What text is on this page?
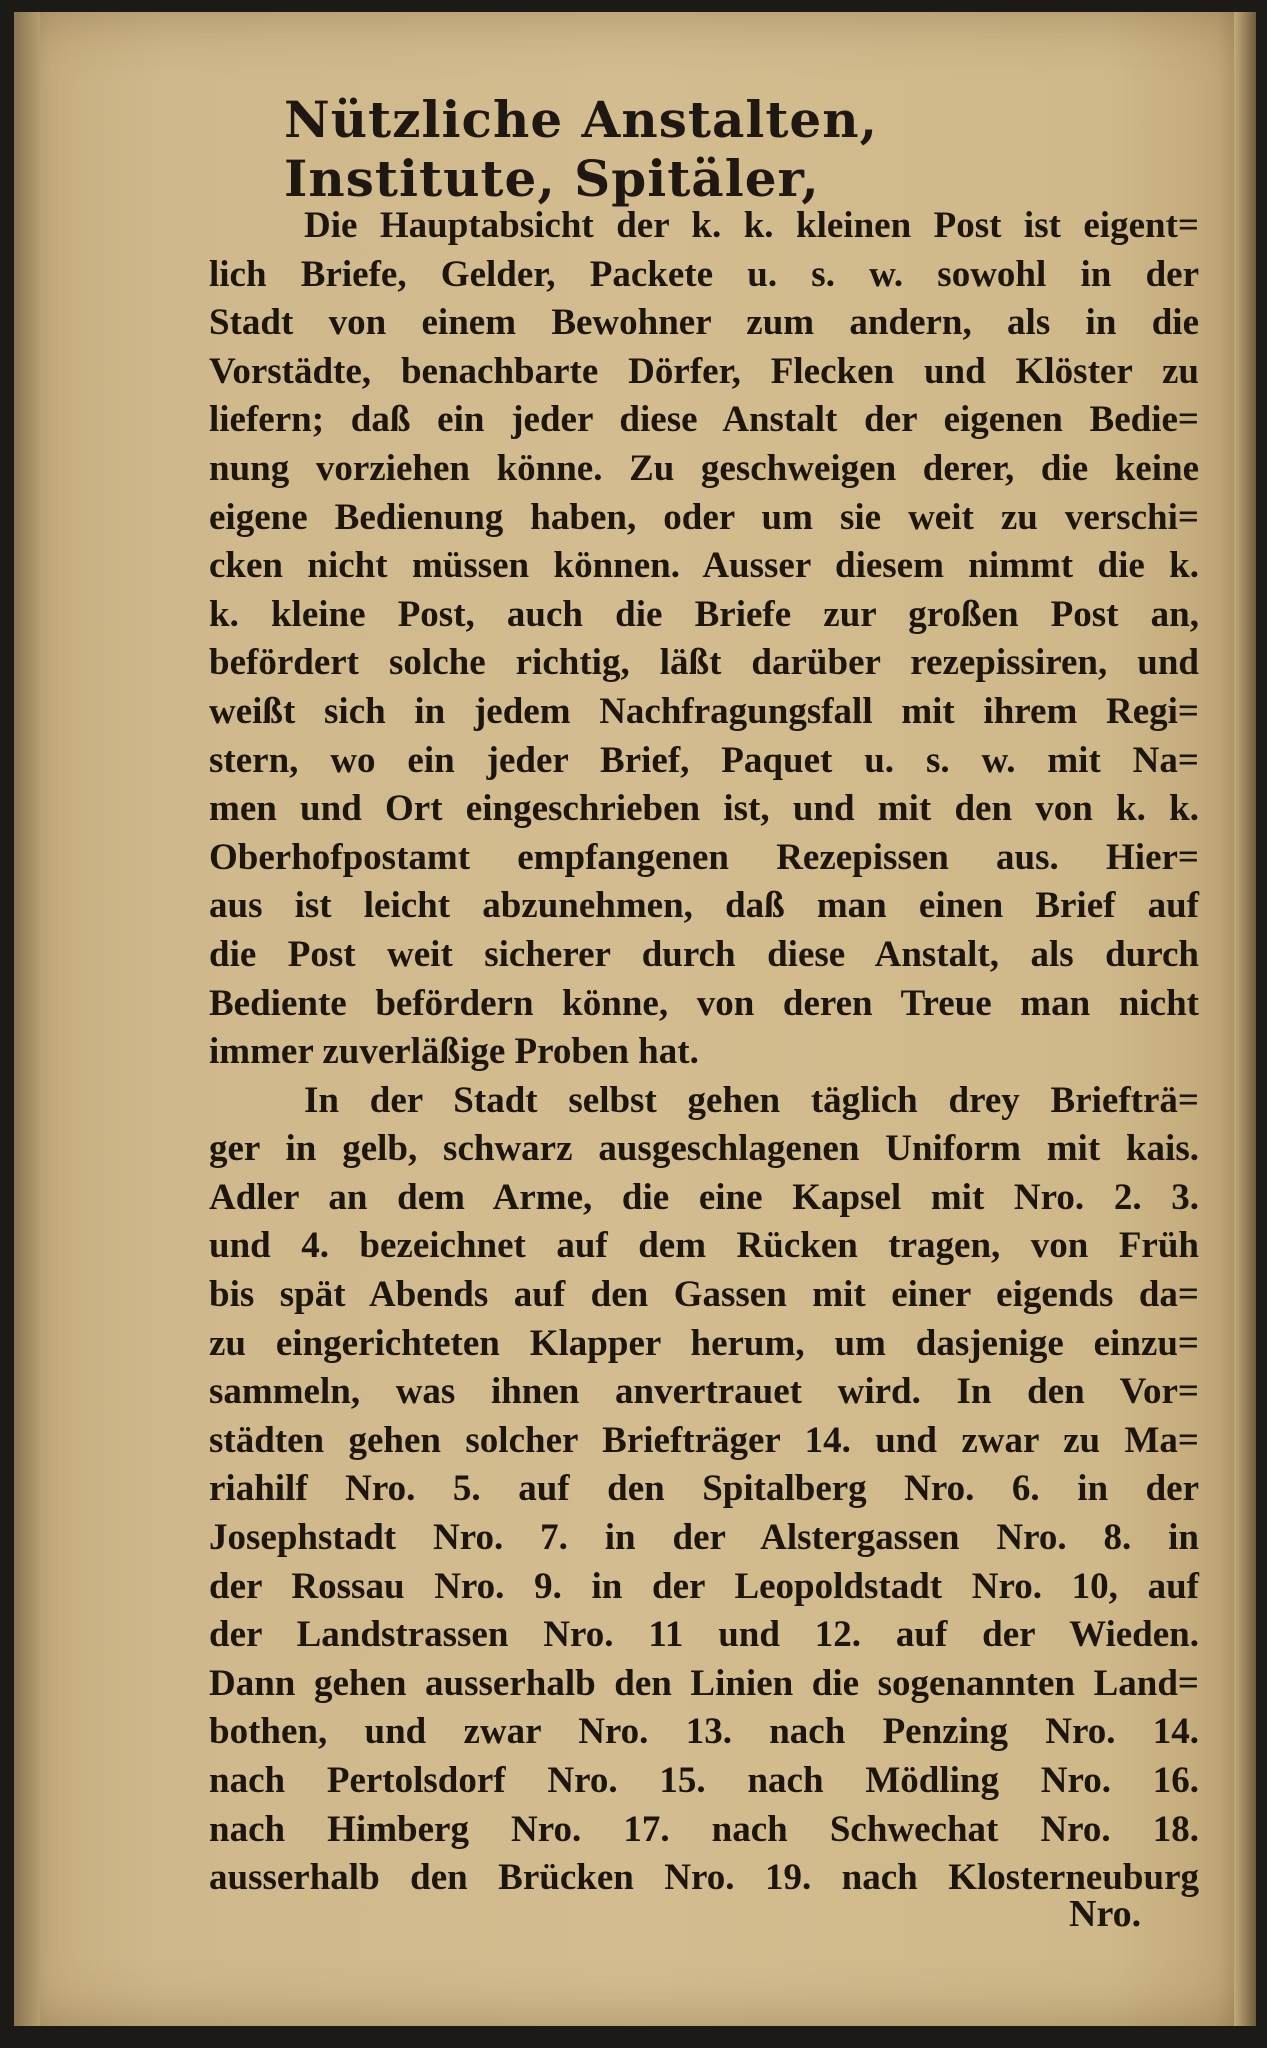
Nützliche Anstalten, Institute, Spitäler,
Die Hauptabsicht der k. k. kleinen Post ist eigent=
lich Briefe, Gelder, Packete u. s. w. sowohl in der
Stadt von einem Bewohner zum andern, als in die
Vorstädte, benachbarte Dörfer, Flecken und Klöster zu
liefern; daß ein jeder diese Anstalt der eigenen Bedie=
nung vorziehen könne. Zu geschweigen derer, die keine
eigene Bedienung haben, oder um sie weit zu verschi=
cken nicht müssen können. Ausser diesem nimmt die k.
k. kleine Post, auch die Briefe zur großen Post an,
befördert solche richtig, läßt darüber rezepissiren, und
weißt sich in jedem Nachfragungsfall mit ihrem Regi=
stern, wo ein jeder Brief, Paquet u. s. w. mit Na=
men und Ort eingeschrieben ist, und mit den von k. k.
Oberhofpostamt empfangenen Rezepissen aus. Hier=
aus ist leicht abzunehmen, daß man einen Brief auf
die Post weit sicherer durch diese Anstalt, als durch
Bediente befördern könne, von deren Treue man nicht
immer zuverläßige Proben hat.
In der Stadt selbst gehen täglich drey Briefträ=
ger in gelb, schwarz ausgeschlagenen Uniform mit kais.
Adler an dem Arme, die eine Kapsel mit Nro. 2. 3.
und 4. bezeichnet auf dem Rücken tragen, von Früh
bis spät Abends auf den Gassen mit einer eigends da=
zu eingerichteten Klapper herum, um dasjenige einzu=
sammeln, was ihnen anvertrauet wird. In den Vor=
städten gehen solcher Briefträger 14. und zwar zu Ma=
riahilf Nro. 5. auf den Spitalberg Nro. 6. in der
Josephstadt Nro. 7. in der Alstergassen Nro. 8. in
der Rossau Nro. 9. in der Leopoldstadt Nro. 10, auf
der Landstrassen Nro. 11 und 12. auf der Wieden.
Dann gehen ausserhalb den Linien die sogenannten Land=
bothen, und zwar Nro. 13. nach Penzing Nro. 14.
nach Pertolsdorf Nro. 15. nach Mödling Nro. 16.
nach Himberg Nro. 17. nach Schwechat Nro. 18.
ausserhalb den Brücken Nro. 19. nach Klosterneuburg
Nro.
